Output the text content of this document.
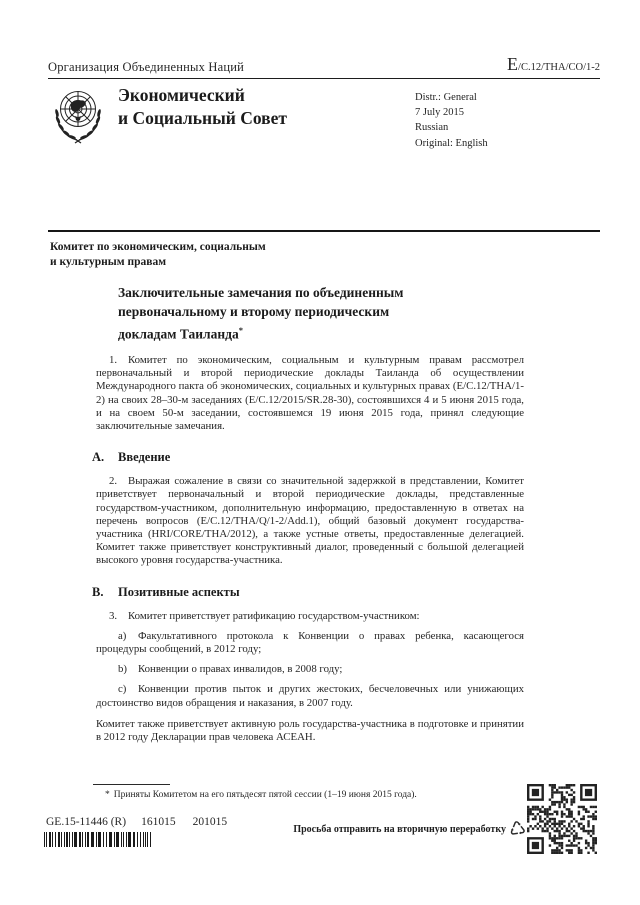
Организация Объединенных Наций	E/C.12/THA/CO/1-2
Экономический
и Социальный Совет
Distr.: General
7 July 2015
Russian
Original: English
Комитет по экономическим, социальным
и культурным правам
Заключительные замечания по объединенным
первоначальному и второму периодическим
докладам Таиланда*

1. Комитет по экономическим, социальным и культурным правам рассмотрел первоначальный и второй периодические доклады Таиланда об осуществлении Международного пакта об экономических, социальных и культурных правах (E/C.12/THA/1-2) на своих 28–30-м заседаниях (E/C.12/2015/SR.28-30), состоявшихся 4 и 5 июня 2015 года, и на своем 50-м заседании, состоявшемся 19 июня 2015 года, принял следующие заключительные замечания.

A. Введение

2. Выражая сожаление в связи со значительной задержкой в представлении, Комитет приветствует первоначальный и второй периодические доклады, представленные государством-участником, дополнительную информацию, предоставленную в ответах на перечень вопросов (E/C.12/THA/Q/1-2/Add.1), общий базовый документ государства-участника (HRI/CORE/THA/2012), а также устные ответы, предоставленные делегацией. Комитет также приветствует конструктивный диалог, проведенный с большой делегацией высокого уровня государства-участника.

B. Позитивные аспекты

3. Комитет приветствует ратификацию государством-участником:

a) Факультативного протокола к Конвенции о правах ребенка, касающегося процедуры сообщений, в 2012 году;

b) Конвенции о правах инвалидов, в 2008 году;

c) Конвенции против пыток и других жестоких, бесчеловечных или унижающих достоинство видов обращения и наказания, в 2007 году.

Комитет также приветствует активную роль государства-участника в подготовке и принятии в 2012 году Декларации прав человека АСЕАН.

* Приняты Комитетом на его пятьдесят пятой сессии (1–19 июня 2015 года).

GE.15-11446 (R) 161015 201015
Просьба отправить на вторичную переработку ♺
